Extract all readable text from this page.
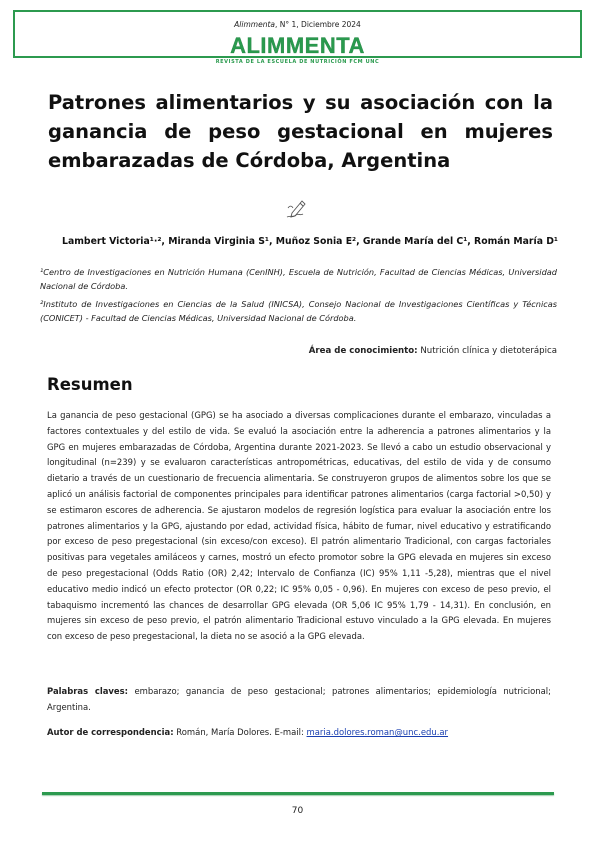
Alimmenta, N° 1, Diciembre 2024
ALIMMENTA
REVISTA DE LA ESCUELA DE NUTRICIÓN FCM UNC
Patrones alimentarios y su asociación con la ganancia de peso gestacional en mujeres embarazadas de Córdoba, Argentina
Lambert Victoria¹·², Miranda Virginia S¹, Muñoz Sonia E², Grande María del C¹, Román María D¹
¹Centro de Investigaciones en Nutrición Humana (CenINH), Escuela de Nutrición, Facultad de Ciencias Médicas, Universidad Nacional de Córdoba.
²Instituto de Investigaciones en Ciencias de la Salud (INICSA), Consejo Nacional de Investigaciones Científicas y Técnicas (CONICET) - Facultad de Ciencias Médicas, Universidad Nacional de Córdoba.
Área de conocimiento: Nutrición clínica y dietoterápica
Resumen
La ganancia de peso gestacional (GPG) se ha asociado a diversas complicaciones durante el embarazo, vinculadas a factores contextuales y del estilo de vida. Se evaluó la asociación entre la adherencia a patrones alimentarios y la GPG en mujeres embarazadas de Córdoba, Argentina durante 2021-2023. Se llevó a cabo un estudio observacional y longitudinal (n=239) y se evaluaron características antropométricas, educativas, del estilo de vida y de consumo dietario a través de un cuestionario de frecuencia alimentaria. Se construyeron grupos de alimentos sobre los que se aplicó un análisis factorial de componentes principales para identificar patrones alimentarios (carga factorial >0,50) y se estimaron escores de adherencia. Se ajustaron modelos de regresión logística para evaluar la asociación entre los patrones alimentarios y la GPG, ajustando por edad, actividad física, hábito de fumar, nivel educativo y estratificando por exceso de peso pregestacional (sin exceso/con exceso). El patrón alimentario Tradicional, con cargas factoriales positivas para vegetales amiláceos y carnes, mostró un efecto promotor sobre la GPG elevada en mujeres sin exceso de peso pregestacional (Odds Ratio (OR) 2,42; Intervalo de Confianza (IC) 95% 1,11 -5,28), mientras que el nivel educativo medio indicó un efecto protector (OR 0,22; IC 95% 0,05 - 0,96). En mujeres con exceso de peso previo, el tabaquismo incrementó las chances de desarrollar GPG elevada (OR 5,06 IC 95% 1,79 - 14,31). En conclusión, en mujeres sin exceso de peso previo, el patrón alimentario Tradicional estuvo vinculado a la GPG elevada. En mujeres con exceso de peso pregestacional, la dieta no se asoció a la GPG elevada.
Palabras claves: embarazo; ganancia de peso gestacional; patrones alimentarios; epidemiología nutricional; Argentina.
Autor de correspondencia: Román, María Dolores. E-mail: maria.dolores.roman@unc.edu.ar
70
